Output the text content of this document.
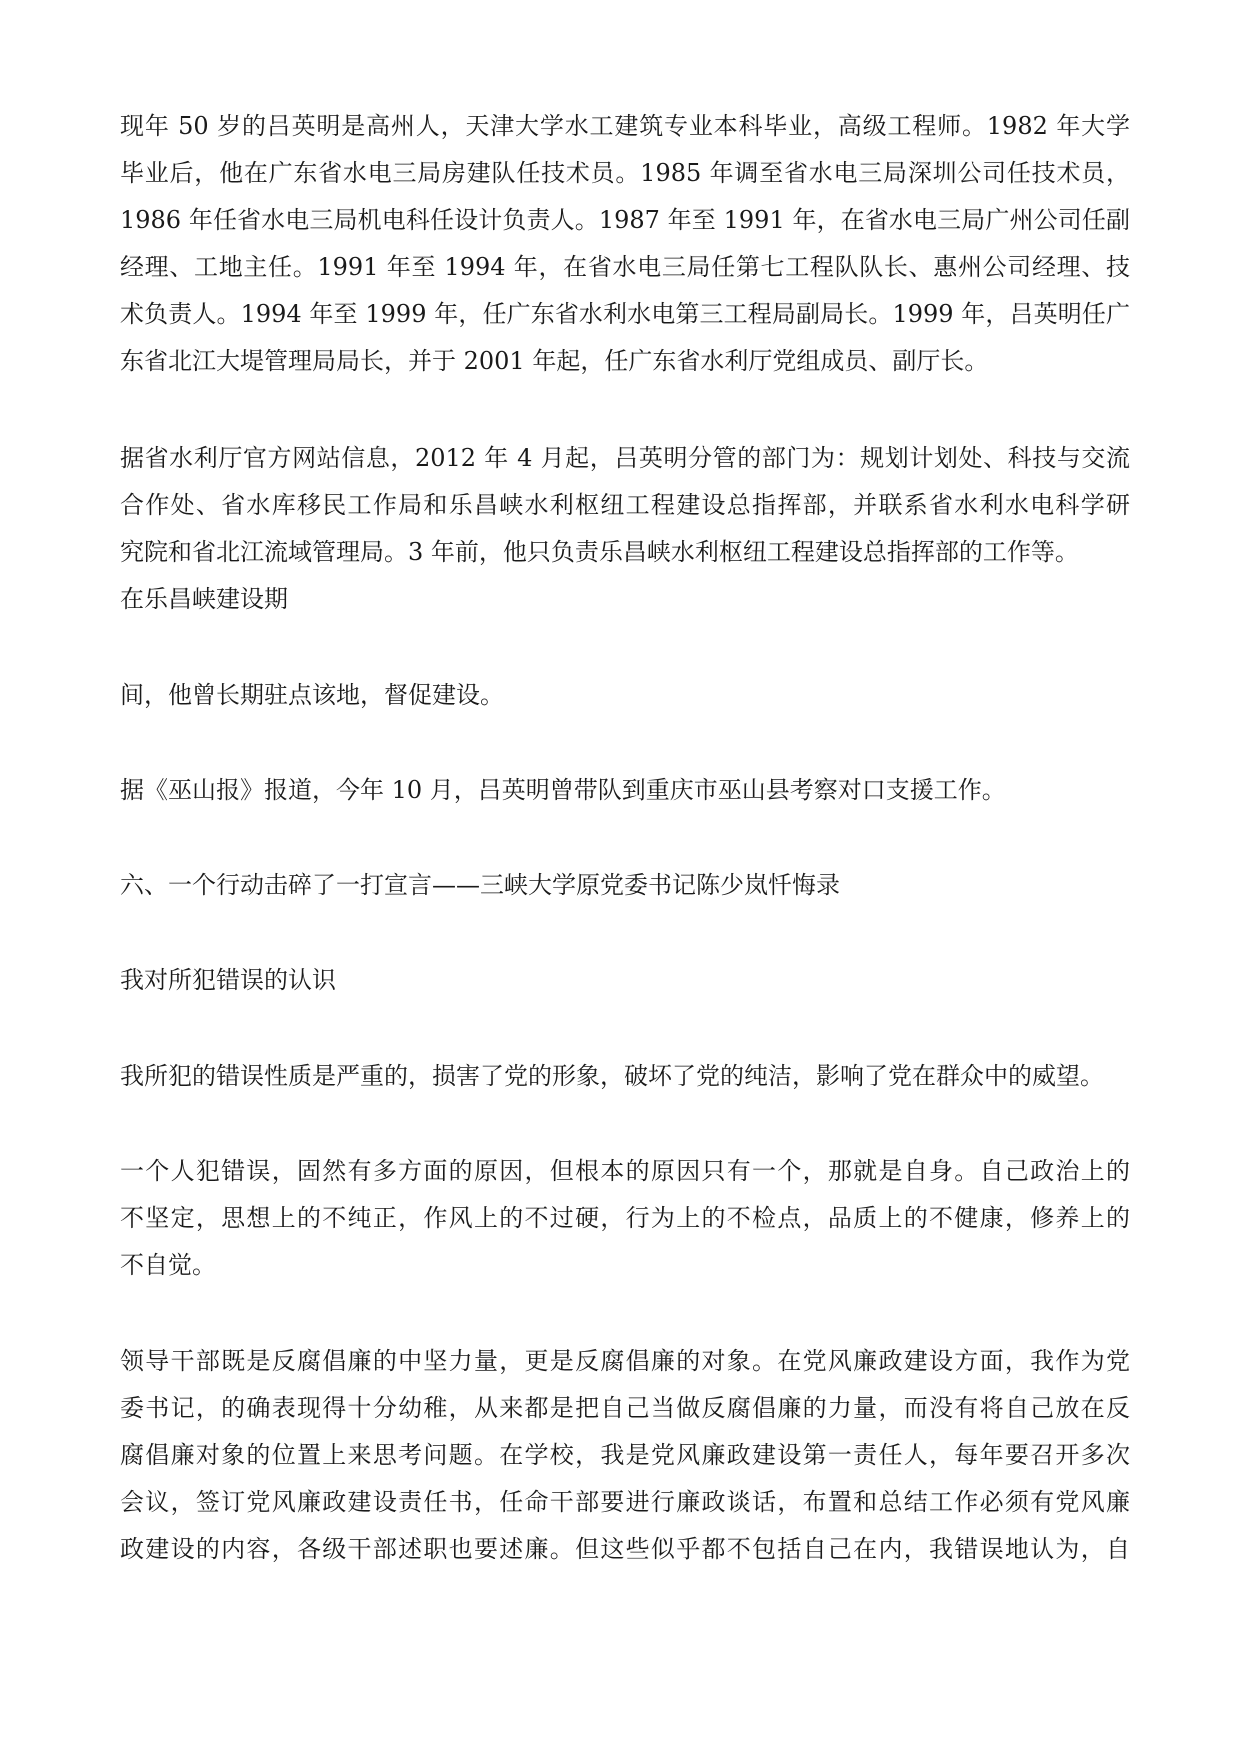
现年 50 岁的吕英明是高州人，天津大学水工建筑专业本科毕业，高级工程师。1982 年大学
毕业后，他在广东省水电三局房建队任技术员。1985 年调至省水电三局深圳公司任技术员，
1986 年任省水电三局机电科任设计负责人。1987 年至 1991 年，在省水电三局广州公司任副
经理、工地主任。1991 年至 1994 年，在省水电三局任第七工程队队长、惠州公司经理、技
术负责人。1994 年至 1999 年，任广东省水利水电第三工程局副局长。1999 年，吕英明任广
东省北江大堤管理局局长，并于 2001 年起，任广东省水利厅党组成员、副厅长。
据省水利厅官方网站信息，2012 年 4 月起，吕英明分管的部门为：规划计划处、科技与交流
合作处、省水库移民工作局和乐昌峡水利枢纽工程建设总指挥部，并联系省水利水电科学研
究院和省北江流域管理局。3 年前，他只负责乐昌峡水利枢纽工程建设总指挥部的工作等。
在乐昌峡建设期
间，他曾长期驻点该地，督促建设。
据《巫山报》报道，今年 10 月，吕英明曾带队到重庆市巫山县考察对口支援工作。
六、一个行动击碎了一打宣言——三峡大学原党委书记陈少岚忏悔录
我对所犯错误的认识
我所犯的错误性质是严重的，损害了党的形象，破坏了党的纯洁，影响了党在群众中的威望。
一个人犯错误，固然有多方面的原因，但根本的原因只有一个，那就是自身。自己政治上的
不坚定，思想上的不纯正，作风上的不过硬，行为上的不检点，品质上的不健康，修养上的
不自觉。
领导干部既是反腐倡廉的中坚力量，更是反腐倡廉的对象。在党风廉政建设方面，我作为党
委书记，的确表现得十分幼稚，从来都是把自己当做反腐倡廉的力量，而没有将自己放在反
腐倡廉对象的位置上来思考问题。在学校，我是党风廉政建设第一责任人，每年要召开多次
会议，签订党风廉政建设责任书，任命干部要进行廉政谈话，布置和总结工作必须有党风廉
政建设的内容，各级干部述职也要述廉。但这些似乎都不包括自己在内，我错误地认为，自
